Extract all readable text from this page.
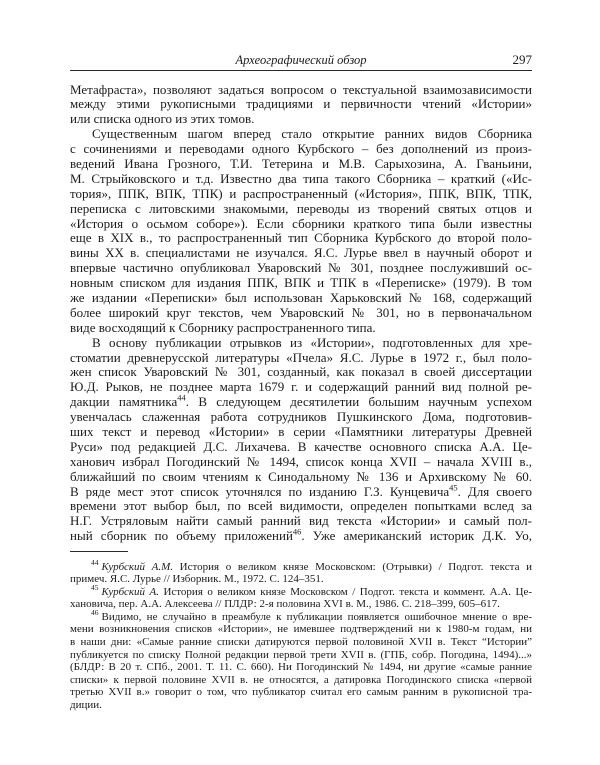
Археографический обзор	297
Метафраста», позволяют задаться вопросом о текстуальной взаимозависимости
между этими рукописными традициями и первичности чтений «Истории»
или списка одного из этих томов.
Существенным шагом вперед стало открытие ранних видов Сборника
с сочинениями и переводами одного Курбского – без дополнений из произ-
ведений Ивана Грозного, Т.И. Тетерина и М.В. Сарыхозина, А. Гваньини,
М. Стрыйковского и т.д. Известно два типа такого Сборника – краткий («Ис-
тория», ППК, ВПК, ТПК) и распространенный («История», ППК, ВПК, ТПК,
переписка с литовскими знакомыми, переводы из творений святых отцов и
«История о осьмом соборе»). Если сборники краткого типа были известны
еще в XIX в., то распространенный тип Сборника Курбского до второй поло-
вины XX в. специалистами не изучался. Я.С. Лурье ввел в научный оборот и
впервые частично опубликовал Уваровский № 301, позднее послуживший ос-
новным списком для издания ППК, ВПК и ТПК в «Переписке» (1979). В том
же издании «Переписки» был использован Харьковский № 168, содержащий
более широкий круг текстов, чем Уваровский № 301, но в первоначальном
виде восходящий к Сборнику распространенного типа.
В основу публикации отрывков из «Истории», подготовленных для хре-
стоматии древнерусской литературы «Пчела» Я.С. Лурье в 1972 г., был поло-
жен список Уваровский № 301, созданный, как показал в своей диссертации
Ю.Д. Рыков, не позднее марта 1679 г. и содержащий ранний вид полной ре-
дакции памятника$^{44}$. В следующем десятилетии большим научным успехом
увенчалась слаженная работа сотрудников Пушкинского Дома, подготовив-
ших текст и перевод «Истории» в серии «Памятники литературы Древней
Руси» под редакцией Д.С. Лихачева. В качестве основного списка А.А. Це-
ханович избрал Погодинский № 1494, список конца XVII – начала XVIII в.,
ближайший по своим чтениям к Синодальному № 136 и Архивскому № 60.
В ряде мест этот список уточнялся по изданию Г.З. Кунцевича$^{45}$. Для своего
времени этот выбор был, по всей видимости, определен попытками вслед за
Н.Г. Устряловым найти самый ранний вид текста «Истории» и самый пол-
ный сборник по объему приложений$^{46}$. Уже американский историк Д.К. Уо,
$^{44}$ Курбский А.М. История о великом князе Московском: (Отрывки) / Подгот. текста и
примеч. Я.С. Лурье // Изборник. М., 1972. С. 124–351.
$^{45}$ Курбский А. История о великом князе Московском / Подгот. текста и коммент. А.А. Це-
хановича, пер. А.А. Алексеева // ПЛДР: 2-я половина XVI в. М., 1986. С. 218–399, 605–617.
$^{46}$ Видимо, не случайно в преамбуле к публикации появляется ошибочное мнение о вре-
мени возникновения списков «Истории», не имевшее подтверждений ни к 1980-м годам, ни
в наши дни: «Самые ранние списки датируются первой половиной XVII в. Текст “Истории”
публикуется по списку Полной редакции первой трети XVII в. (ГПБ, собр. Погодина, 1494)...»
(БЛДР: В 20 т. СПб., 2001. Т. 11. С. 660). Ни Погодинский № 1494, ни другие «самые ранние
списки» к первой половине XVII в. не относятся, а датировка Погодинского списка «первой
третью XVII в.» говорит о том, что публикатор считал его самым ранним в рукописной тра-
диции.
